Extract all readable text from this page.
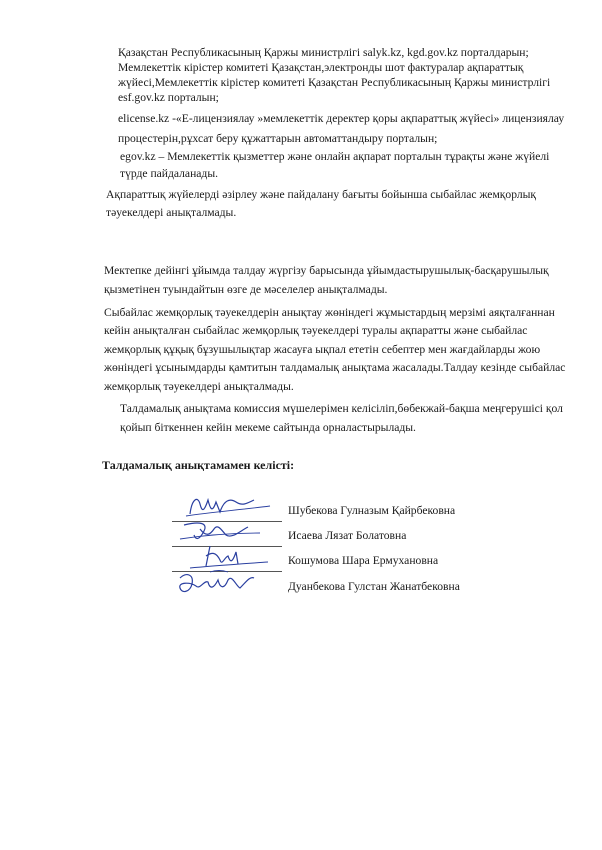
Қазақстан Республикасының Қаржы министрлігі salyk.kz, kgd.gov.kz порталдарын;
Мемлекеттік кірістер комитеті Қазақстан,электронды шот фактуралар ақпараттық
жүйесі,Мемлекеттік кірістер комитеті Қазақстан Республикасының Қаржы министрлігі
esf.gov.kz порталын;
elicense.kz -«Е-лицензиялау »мемлекеттік деректер қоры ақпараттық жүйесі» лицензиялау
процестерін,рұхсат беру құжаттарын автоматтандыру порталын;
egov.kz – Мемлекеттік қызметтер және онлайн ақпарат порталын тұрақты және жүйелі
түрде пайдаланады.
Ақпараттық жүйелерді әзірлеу және пайдалану бағыты бойынша сыбайлас жемқорлық
тәуекелдері анықталмады.
Мектепке дейінгі ұйымда талдау жүргізу барысында ұйымдастырушылық-басқарушылық
қызметінен туындайтын өзге де мәселелер анықталмады.
Сыбайлас жемқорлық тәуекелдерін анықтау жөніндегі жұмыстардың мерзімі аяқталғаннан
кейін анықталған сыбайлас жемқорлық тәуекелдері туралы ақпаратты және сыбайлас
жемқорлық құқық бұзушылықтар жасауға ықпал ететін себептер мен жағдайларды жою
жөніндегі ұсынымдарды қамтитын талдамалық анықтама жасалады.Талдау кезінде сыбайлас
жемқорлық тәуекелдері анықталмады.
Талдамалық анықтама комиссия мүшелерімен келісіліп,бөбекжай-бақша меңгерушісі қол
қойып біткеннен кейін мекеме сайтында орналастырылады.
Талдамалық анықтамамен келісті:
Шубекова Гулназым Қайрбековна
Исаева Лязат Болатовна
Кошумова Шара Ермухановна
Дуанбекова Гулстан Жанатбековна
